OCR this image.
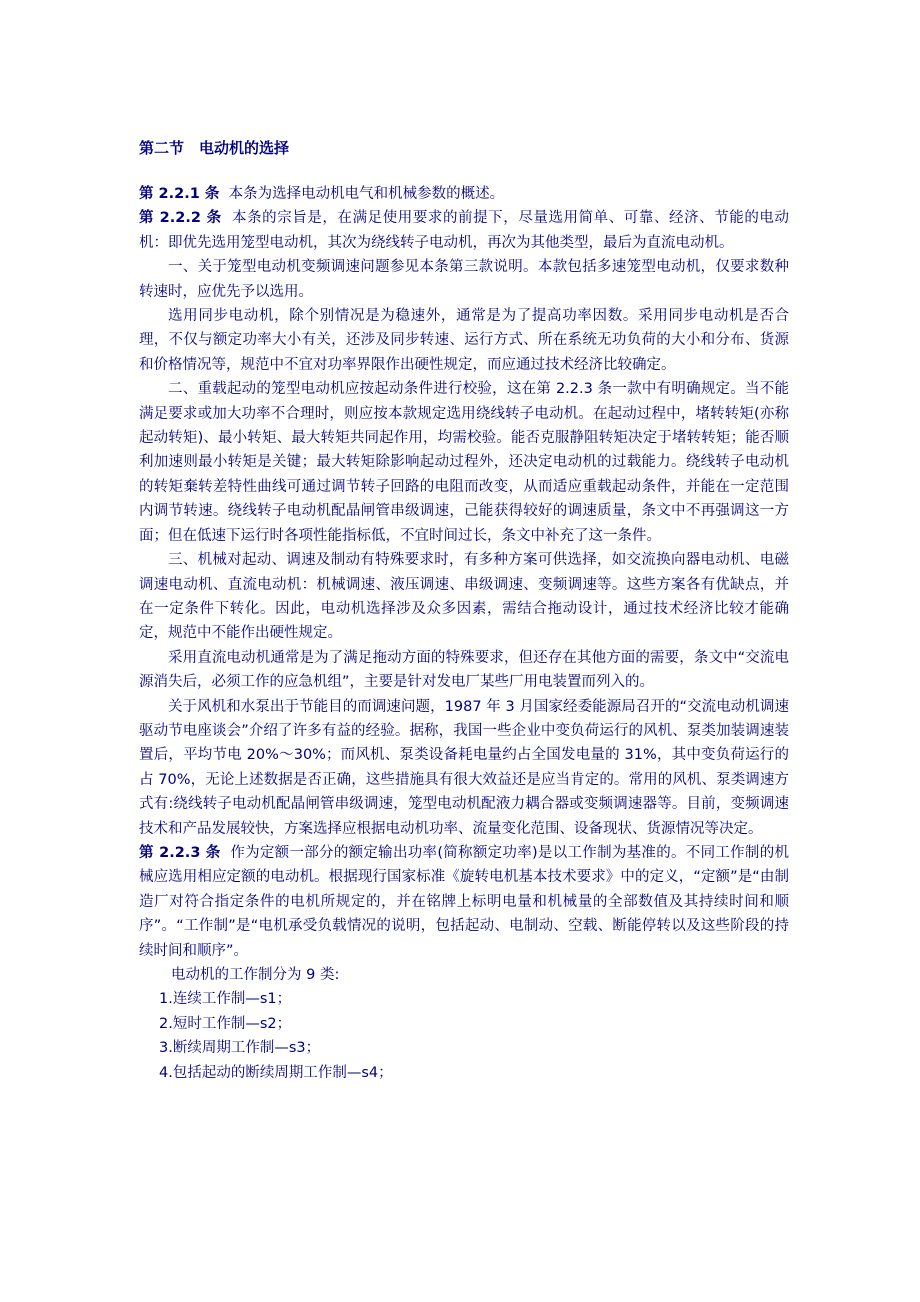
第二节　电动机的选择

第 2.2.1 条 本条为选择电动机电气和机械参数的概述。

第 2.2.2 条 本条的宗旨是，在满足使用要求的前提下，尽量选用简单、可靠、经济、节能的电动机：即优先选用笼型电动机，其次为绕线转子电动机，再次为其他类型，最后为直流电动机。

一、关于笼型电动机变频调速问题参见本条第三款说明。本款包括多速笼型电动机，仅要求数种转速时，应优先予以选用。

选用同步电动机，除个别情况是为稳速外，通常是为了提高功率因数。采用同步电动机是否合理，不仅与额定功率大小有关，还涉及同步转速、运行方式、所在系统无功负荷的大小和分布、货源和价格情况等，规范中不宜对功率界限作出硬性规定，而应通过技术经济比较确定。

二、重载起动的笼型电动机应按起动条件进行校验，这在第 2.2.3 条一款中有明确规定。当不能满足要求或加大功率不合理时，则应按本款规定选用绕线转子电动机。在起动过程中，堵转转矩(亦称起动转矩)、最小转矩、最大转矩共同起作用，均需校验。能否克服静阻转矩决定于堵转转矩；能否顺利加速则最小转矩是关键；最大转矩除影响起动过程外，还决定电动机的过载能力。绕线转子电动机的转矩棄转差特性曲线可通过调节转子回路的电阻而改变，从而适应重载起动条件，并能在一定范围内调节转速。绕线转子电动机配晶闸管串级调速，己能获得较好的调速质量，条文中不再强调这一方面；但在低速下运行时各项性能指标低，不宜时间过长，条文中补充了这一条件。

三、机械对起动、调速及制动有特殊要求时，有多种方案可供选择，如交流换向器电动机、电磁调速电动机、直流电动机：机械调速、液压调速、串级调速、变频调速等。这些方案各有优缺点，并在一定条件下转化。因此，电动机选择涉及众多因素，需结合拖动设计，通过技术经济比较才能确定，规范中不能作出硬性规定。

采用直流电动机通常是为了满足拖动方面的特殊要求，但还存在其他方面的需要，条文中“交流电源消失后，必须工作的应急机组”，主要是针对发电厂某些厂用电装置而列入的。

关于风机和水泵出于节能目的而调速问题，1987 年 3 月国家经委能源局召开的“交流电动机调速驱动节电座谈会”介绍了许多有益的经验。据称，我国一些企业中变负荷运行的风机、泵类加装调速装置后，平均节电 20%～30%；而风机、泵类设备耗电量约占全国发电量的 31%，其中变负荷运行的占 70%，无论上述数据是否正确，这些措施具有很大效益还是应当肯定的。常用的风机、泵类调速方式有:绕线转子电动机配晶闸管串级调速，笼型电动机配液力耦合器或变频调速器等。目前，变频调速技术和产品发展较快，方案选择应根据电动机功率、流量变化范围、设备现状、货源情况等决定。

第 2.2.3 条 作为定额一部分的额定输出功率(简称额定功率)是以工作制为基准的。不同工作制的机械应选用相应定额的电动机。根据现行国家标准《旋转电机基本技术要求》中的定义，“定额”是“由制造厂对符合指定条件的电机所规定的，并在铭牌上标明电量和机械量的全部数值及其持续时间和顺序”。“工作制”是“电机承受负载情况的说明，包括起动、电制动、空载、断能停转以及这些阶段的持续时间和顺序”。

电动机的工作制分为 9 类:

1.连续工作制—s1；

2.短时工作制—s2；

3.断续周期工作制—s3；

4.包括起动的断续周期工作制—s4；
